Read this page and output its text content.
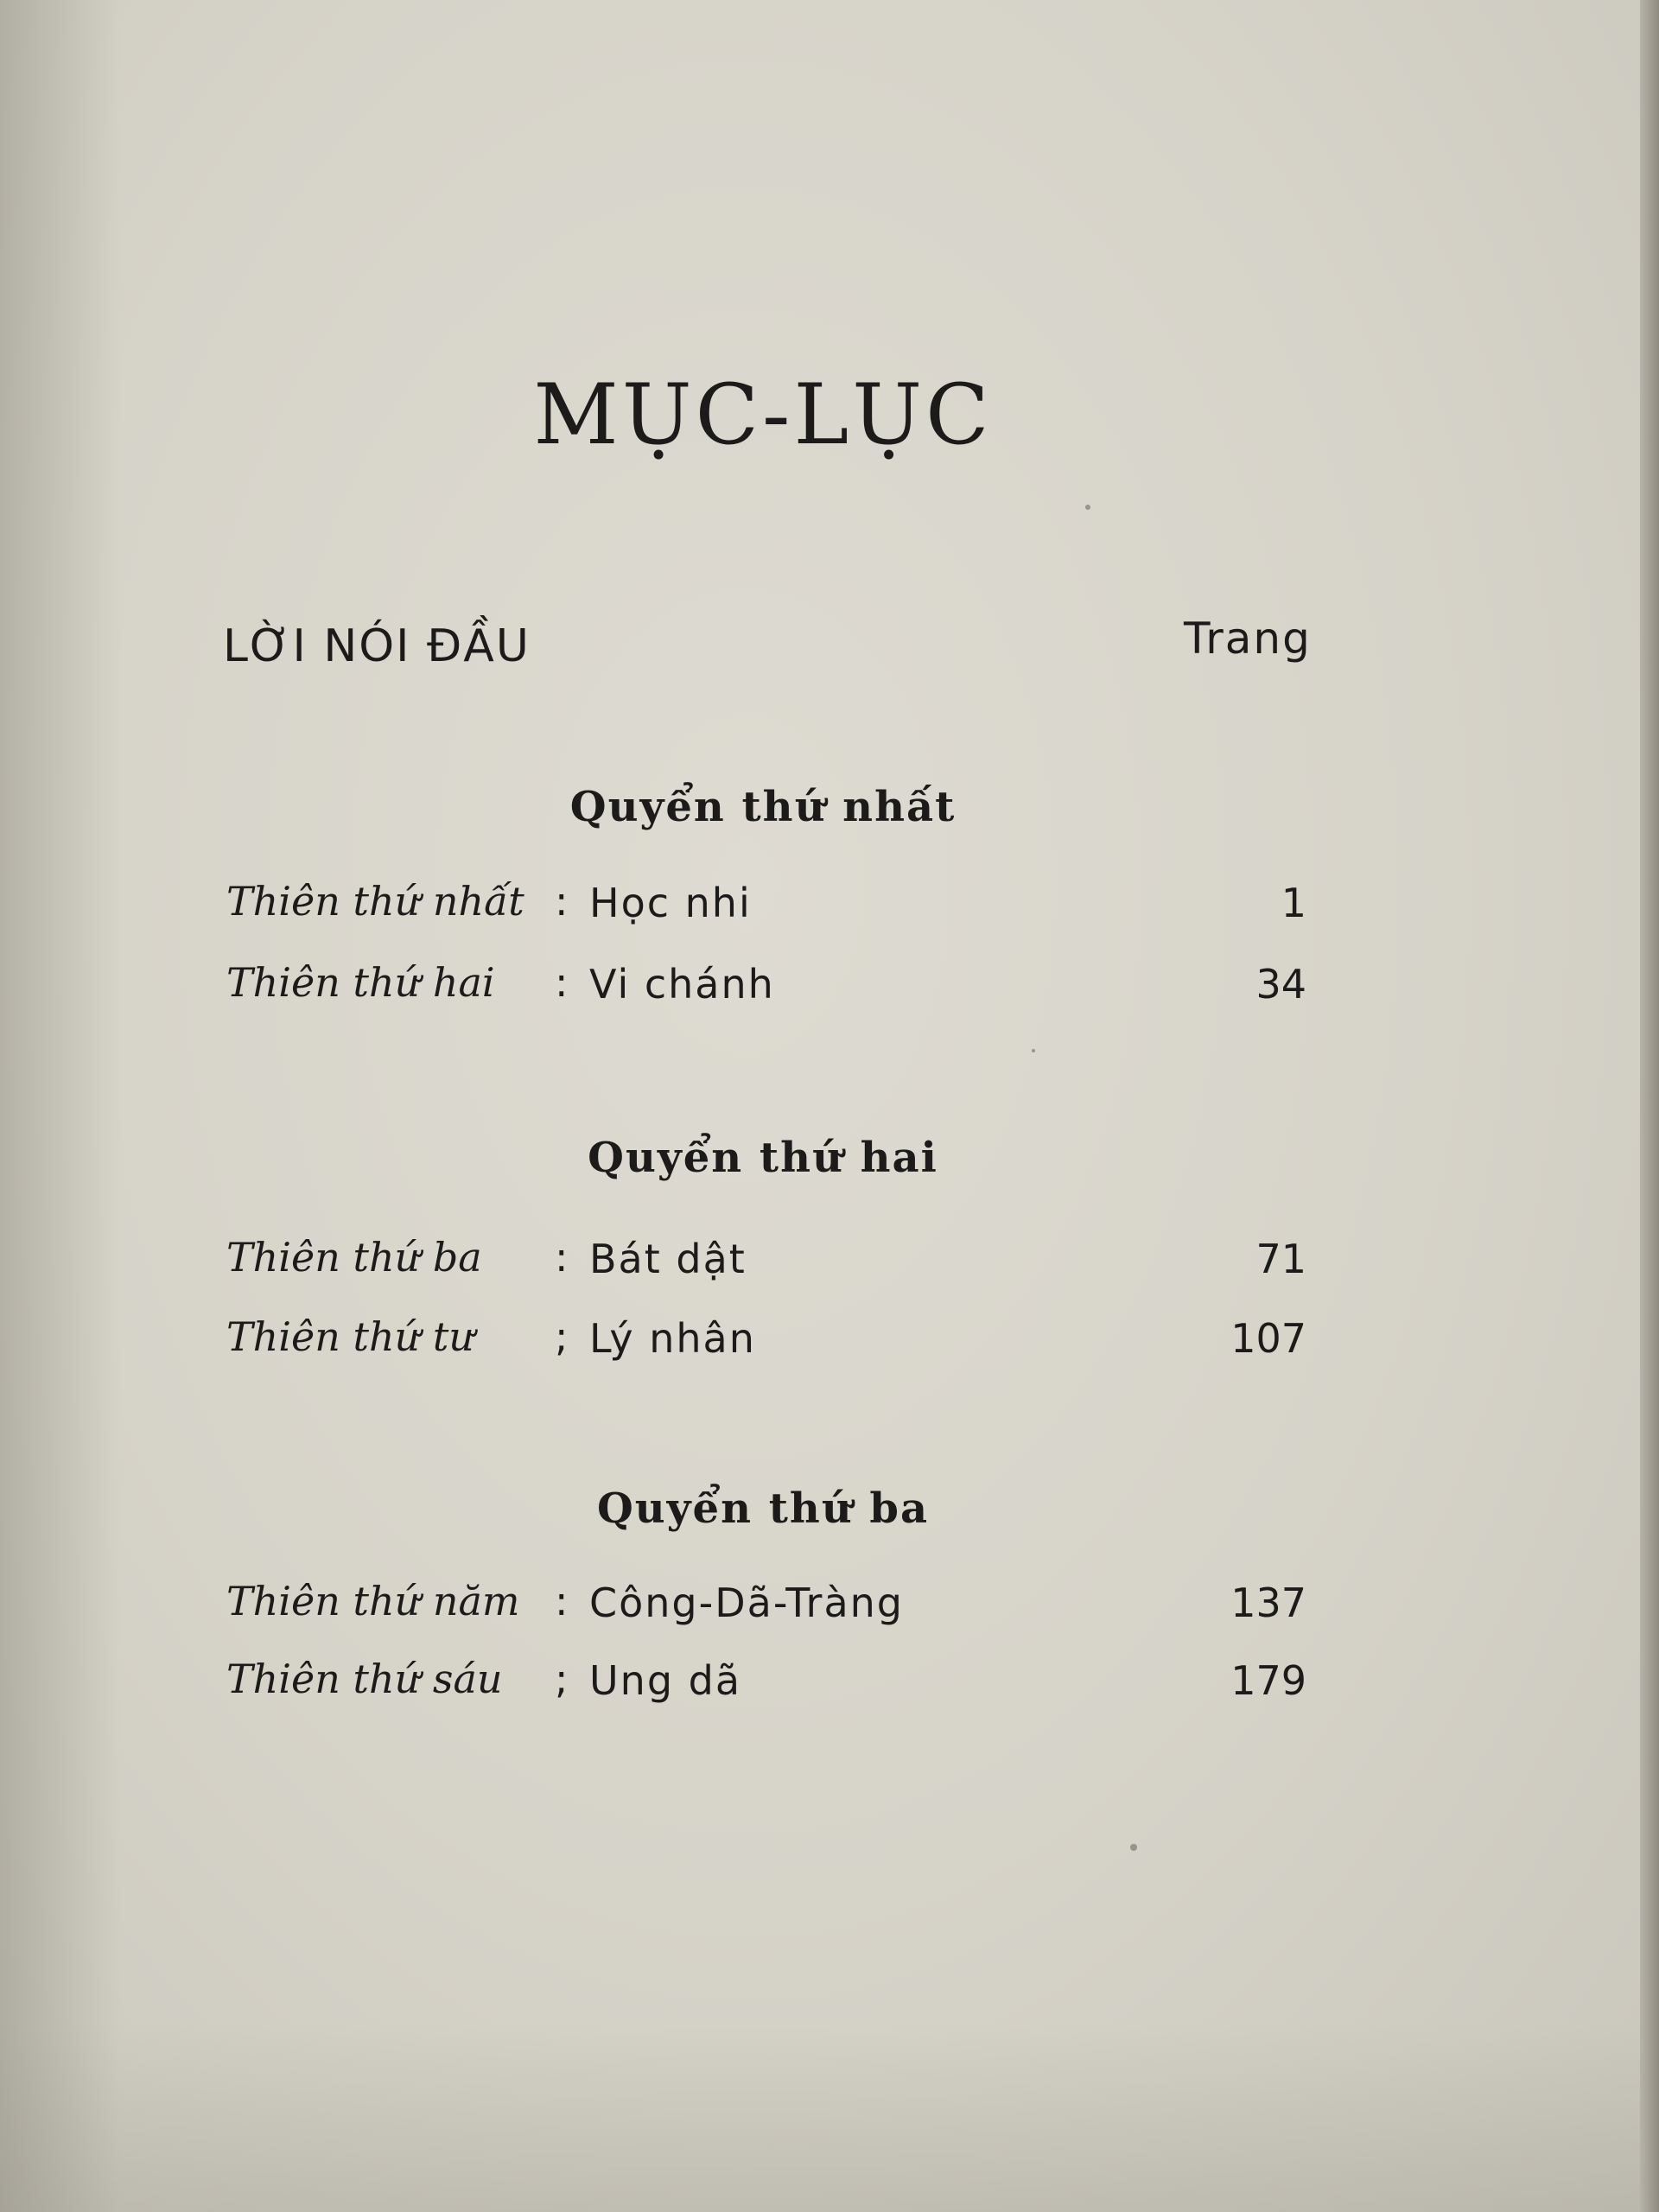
MỤC-LỤC
LỜI NÓI ĐẦU	Trang
Quyển thứ nhất
Thiên thứ nhất : Học nhi	1
Thiên thứ hai : Vi chánh	34
Quyển thứ hai
Thiên thứ ba : Bát dật	71
Thiên thứ tư ; Lý nhân	107
Quyển thứ ba
Thiên thứ năm : Công-Dã-Tràng	137
Thiên thứ sáu ; Ung dã	179
